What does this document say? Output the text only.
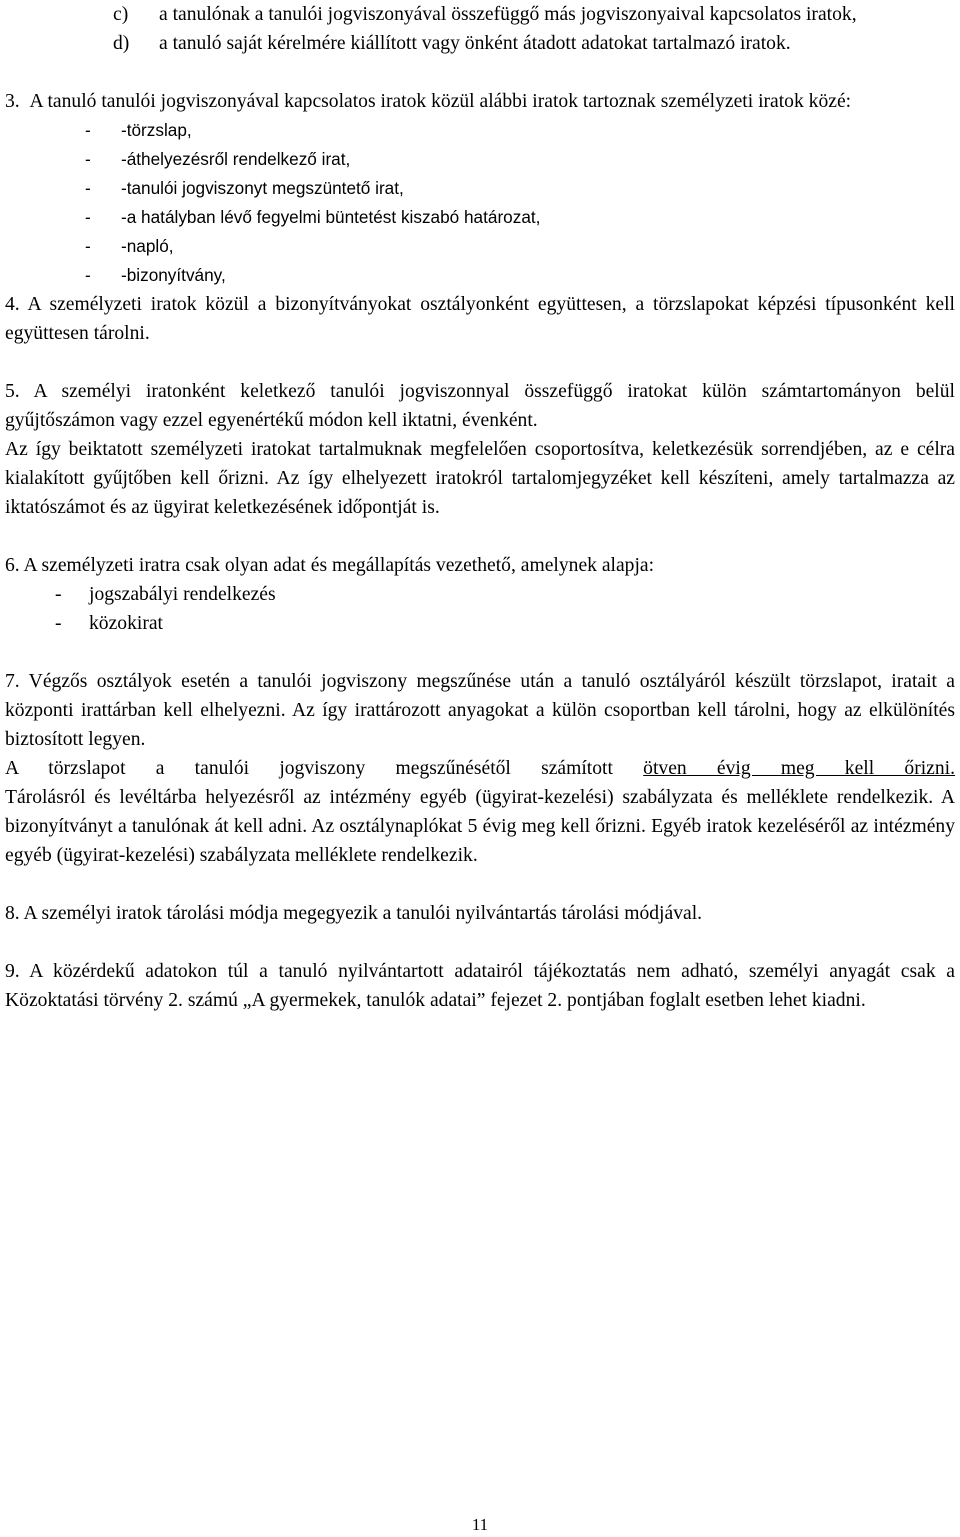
c)	a tanulónak a tanulói jogviszonyával összefüggő más jogviszonyaival kapcsolatos iratok,
d)	a tanuló saját kérelmére kiállított vagy önként átadott adatokat tartalmazó iratok.

3. A tanuló tanulói jogviszonyával kapcsolatos iratok közül alábbi iratok tartoznak személyzeti iratok közé:

-	-törzslap,
-	-áthelyezésről rendelkező irat,
-	-tanulói jogviszonyt megszüntető irat,
-	-a hatályban lévő fegyelmi büntetést kiszabó határozat,
-	-napló,
-	-bizonyítvány,

4. A személyzeti iratok közül a bizonyítványokat osztályonként együttesen, a törzslapokat képzési típusonként kell együttesen tárolni.

5. A személyi iratonként keletkező tanulói jogviszonnyal összefüggő iratokat külön számtartományon belül gyűjtőszámon vagy ezzel egyenértékű módon kell iktatni, évenként.

Az így beiktatott személyzeti iratokat tartalmuknak megfelelően csoportosítva, keletkezésük sorrendjében, az e célra kialakított gyűjtőben kell őrizni. Az így elhelyezett iratokról tartalomjegyzéket kell készíteni, amely tartalmazza az iktatószámot és az ügyirat keletkezésének időpontját is.

6. A személyzeti iratra csak olyan adat és megállapítás vezethető, amelynek alapja:

-	jogszabályi rendelkezés
-	közokirat

7. Végzős osztályok esetén a tanulói jogviszony megszűnése után a tanuló osztályáról készült törzslapot, iratait a központi irattárban kell elhelyezni. Az így irattározott anyagokat a külön csoportban kell tárolni, hogy az elkülönítés biztosított legyen.

A törzslapot a tanulói jogviszony megszűnésétől számított ötven évig meg kell őrizni.

Tárolásról és levéltárba helyezésről az intézmény egyéb (ügyirat-kezelési) szabályzata és melléklete rendelkezik. A bizonyítványt a tanulónak át kell adni. Az osztálynaplókat 5 évig meg kell őrizni. Egyéb iratok kezeléséről az intézmény egyéb (ügyirat-kezelési) szabályzata melléklete rendelkezik.

8. A személyi iratok tárolási módja megegyezik a tanulói nyilvántartás tárolási módjával.

9. A közérdekű adatokon túl a tanuló nyilvántartott adatairól tájékoztatás nem adható, személyi anyagát csak a Közoktatási törvény 2. számú „A gyermekek, tanulók adatai” fejezet 2. pontjában foglalt esetben lehet kiadni.

11
